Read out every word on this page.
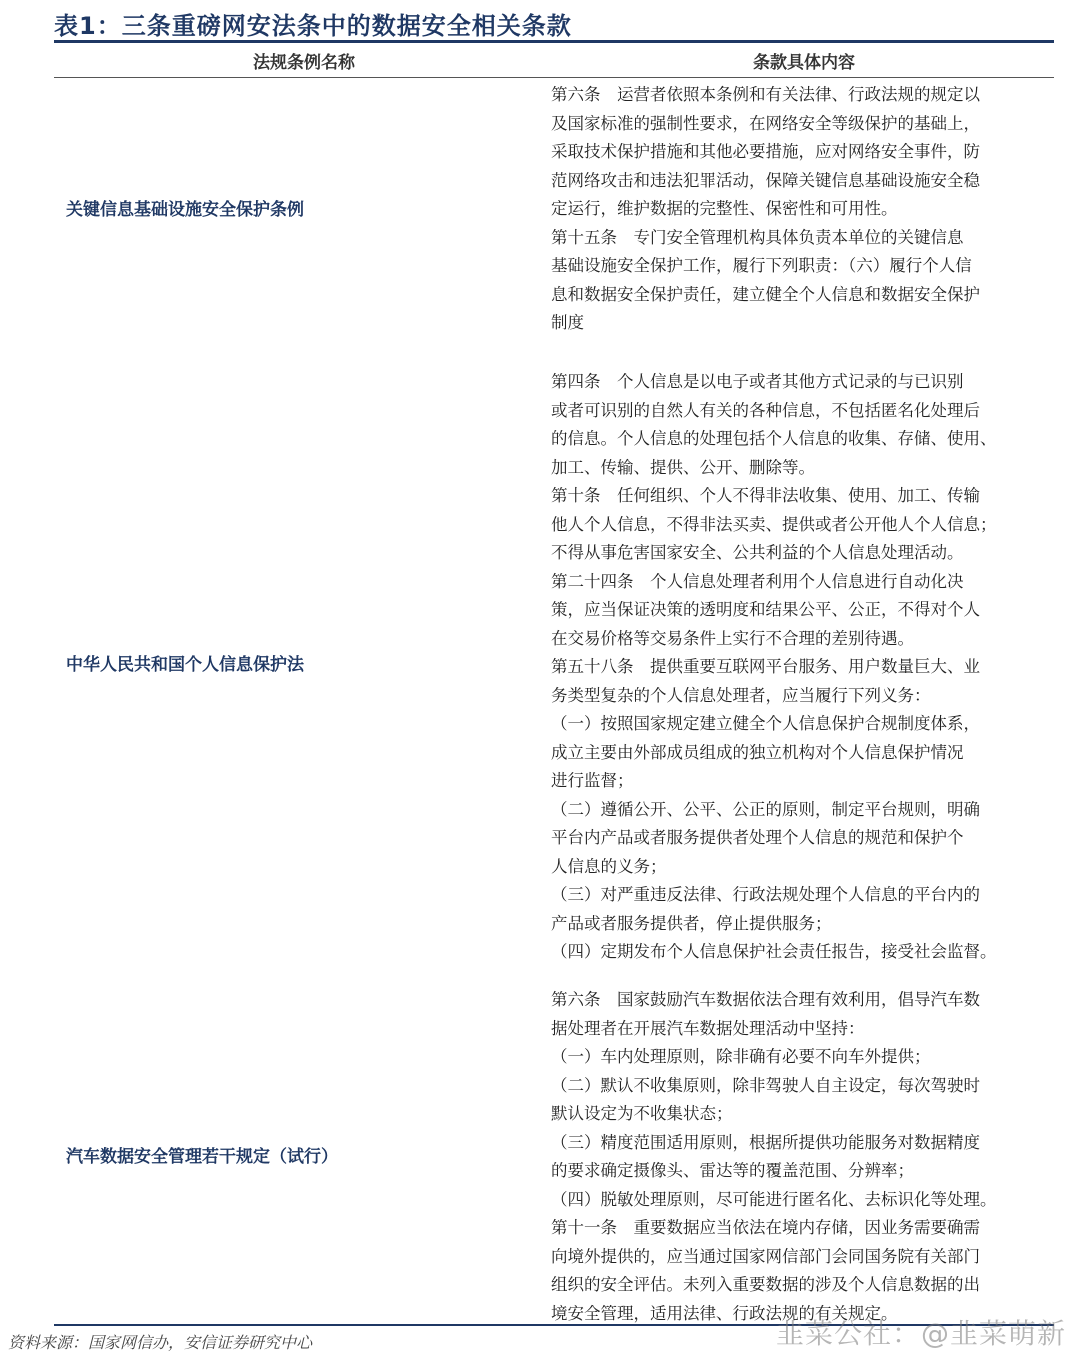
表1：三条重磅网安法条中的数据安全相关条款
法规条例名称	条款具体内容
关键信息基础设施安全保护条例
第六条　运营者依照本条例和有关法律、行政法规的规定以
及国家标准的强制性要求，在网络安全等级保护的基础上，
采取技术保护措施和其他必要措施，应对网络安全事件，防
范网络攻击和违法犯罪活动，保障关键信息基础设施安全稳
定运行，维护数据的完整性、保密性和可用性。
第十五条　专门安全管理机构具体负责本单位的关键信息
基础设施安全保护工作，履行下列职责：（六）履行个人信
息和数据安全保护责任，建立健全个人信息和数据安全保护
制度
中华人民共和国个人信息保护法
第四条　个人信息是以电子或者其他方式记录的与已识别
或者可识别的自然人有关的各种信息，不包括匿名化处理后
的信息。个人信息的处理包括个人信息的收集、存储、使用、
加工、传输、提供、公开、删除等。
第十条　任何组织、个人不得非法收集、使用、加工、传输
他人个人信息，不得非法买卖、提供或者公开他人个人信息；
不得从事危害国家安全、公共利益的个人信息处理活动。
第二十四条　个人信息处理者利用个人信息进行自动化决
策，应当保证决策的透明度和结果公平、公正，不得对个人
在交易价格等交易条件上实行不合理的差别待遇。
第五十八条　提供重要互联网平台服务、用户数量巨大、业
务类型复杂的个人信息处理者，应当履行下列义务：
（一）按照国家规定建立健全个人信息保护合规制度体系，
成立主要由外部成员组成的独立机构对个人信息保护情况
进行监督；
（二）遵循公开、公平、公正的原则，制定平台规则，明确
平台内产品或者服务提供者处理个人信息的规范和保护个
人信息的义务；
（三）对严重违反法律、行政法规处理个人信息的平台内的
产品或者服务提供者，停止提供服务；
（四）定期发布个人信息保护社会责任报告，接受社会监督。
汽车数据安全管理若干规定（试行）
第六条　国家鼓励汽车数据依法合理有效利用，倡导汽车数
据处理者在开展汽车数据处理活动中坚持：
（一）车内处理原则，除非确有必要不向车外提供；
（二）默认不收集原则，除非驾驶人自主设定，每次驾驶时
默认设定为不收集状态；
（三）精度范围适用原则，根据所提供功能服务对数据精度
的要求确定摄像头、雷达等的覆盖范围、分辨率；
（四）脱敏处理原则，尽可能进行匿名化、去标识化等处理。
第十一条　重要数据应当依法在境内存储，因业务需要确需
向境外提供的，应当通过国家网信部门会同国务院有关部门
组织的安全评估。未列入重要数据的涉及个人信息数据的出
境安全管理，适用法律、行政法规的有关规定。
资料来源：国家网信办，安信证券研究中心	韭菜公社：@韭菜萌新
